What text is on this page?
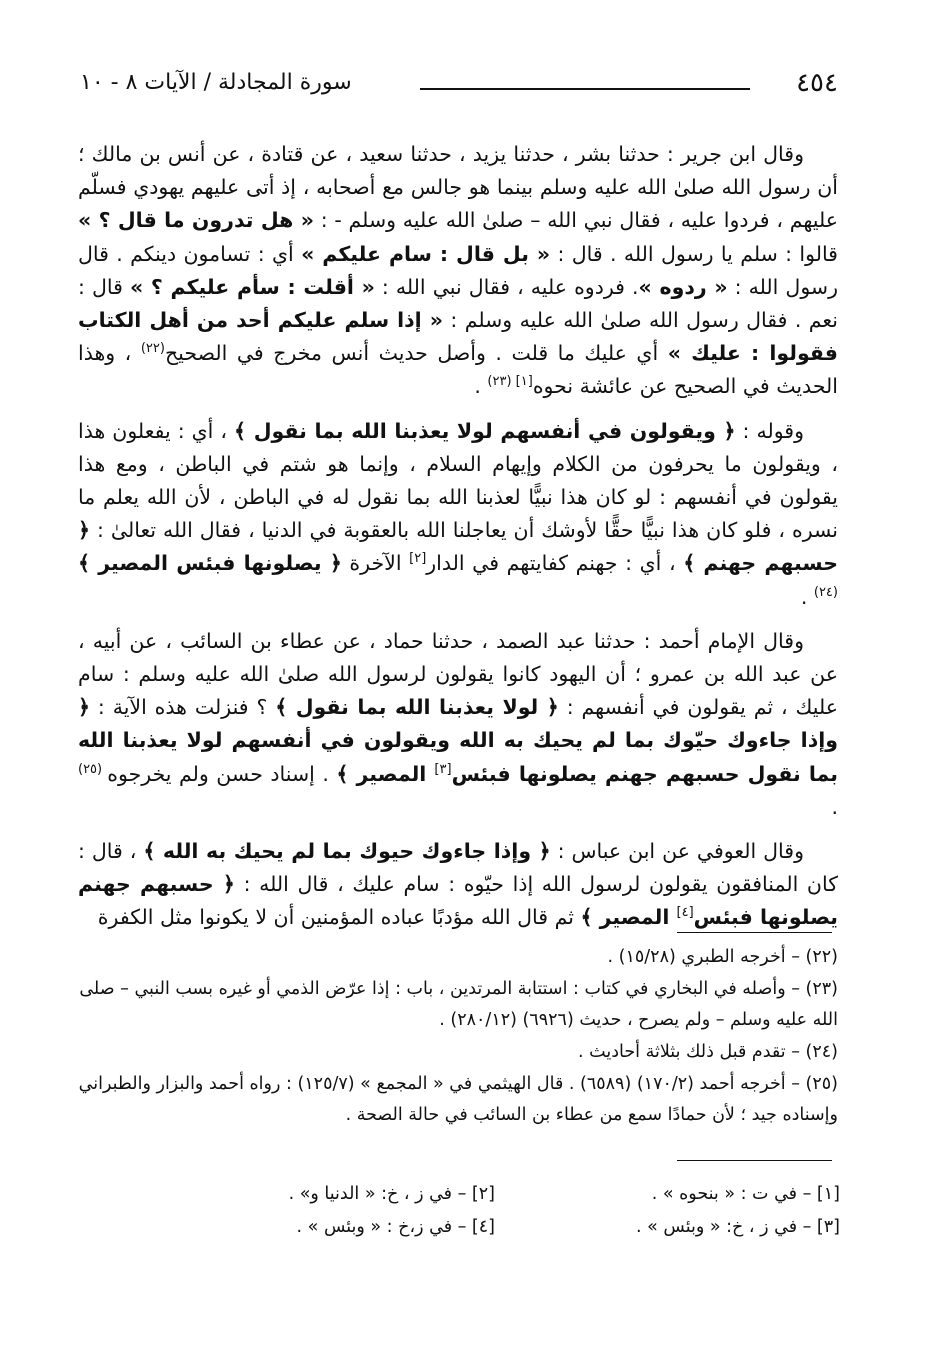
٤٥٤
سورة المجادلة / الآيات ٨ - ١٠

وقال ابن جرير : حدثنا بشر ، حدثنا يزيد ، حدثنا سعيد ، عن قتادة ، عن أنس بن مالك ؛ أن رسول الله صلىٰ الله عليه وسلم بينما هو جالس مع أصحابه ، إذ أتى عليهم يهودي فسلّم عليهم ، فردوا عليه ، فقال نبي الله – صلىٰ الله عليه وسلم - : « هل تدرون ما قال ؟ » قالوا : سلم يا رسول الله . قال : « بل قال : سام عليكم » أي : تسامون دينكم . قال رسول الله : « ردوه ». فردوه عليه ، فقال نبي الله : « أقلت : سأم عليكم ؟ » قال : نعم . فقال رسول الله صلىٰ الله عليه وسلم : « إذا سلم عليكم أحد من أهل الكتاب فقولوا : عليك » أي عليك ما قلت . وأصل حديث أنس مخرج في الصحيح$^{(٢٢)}$ ، وهذا الحديث في الصحيح عن عائشة نحوه[١] $^{(٢٣)}$ .

وقوله : ﴿ ويقولون في أنفسهم لولا يعذبنا الله بما نقول ﴾ ، أي : يفعلون هذا ، ويقولون ما يحرفون من الكلام وإيهام السلام ، وإنما هو شتم في الباطن ، ومع هذا يقولون في أنفسهم : لو كان هذا نبيًّا لعذبنا الله بما نقول له في الباطن ، لأن الله يعلم ما نسره ، فلو كان هذا نبيًّا حقًّا لأوشك أن يعاجلنا الله بالعقوبة في الدنيا ، فقال الله تعالىٰ : ﴿ حسبهم جهنم ﴾ ، أي : جهنم كفايتهم في الدار[٢] الآخرة ﴿ يصلونها فبئس المصير ﴾ $^{(٢٤)}$ .

وقال الإمام أحمد : حدثنا عبد الصمد ، حدثنا حماد ، عن عطاء بن السائب ، عن أبيه ، عن عبد الله بن عمرو ؛ أن اليهود كانوا يقولون لرسول الله صلىٰ الله عليه وسلم : سام عليك ، ثم يقولون في أنفسهم : ﴿ لولا يعذبنا الله بما نقول ﴾ ؟ فنزلت هذه الآية : ﴿ وإذا جاءوك حيّوك بما لم يحيك به الله ويقولون في أنفسهم لولا يعذبنا الله بما نقول حسبهم جهنم يصلونها فبئس[٣] المصير ﴾ . إسناد حسن ولم يخرجوه $^{(٢٥)}$ .

وقال العوفي عن ابن عباس : ﴿ وإذا جاءوك حيوك بما لم يحيك به الله ﴾ ، قال : كان المنافقون يقولون لرسول الله إذا حيّوه : سام عليك ، قال الله : ﴿ حسبهم جهنم يصلونها فبئس[٤] المصير ﴾ ثم قال الله مؤدبًا عباده المؤمنين أن لا يكونوا مثل الكفرة

(٢٢) – أخرجه الطبري (١٥/٢٨) .
(٢٣) – وأصله في البخاري في كتاب : استتابة المرتدين ، باب : إذا عرّض الذمي أو غيره بسب النبي – صلى الله عليه وسلم – ولم يصرح ، حديث (٦٩٢٦) (٢٨٠/١٢) .
(٢٤) – تقدم قبل ذلك بثلاثة أحاديث .
(٢٥) – أخرجه أحمد (١٧٠/٢) (٦٥٨٩) . قال الهيثمي في « المجمع » (١٢٥/٧) : رواه أحمد والبزار والطبراني وإسناده جيد ؛ لأن حمادًا سمع من عطاء بن السائب في حالة الصحة .
[١] – في ت : « بنحوه » .
[٢] – في ز ، خ: « الدنيا و» .
[٣] – في ز ، خ: « وبئس » .
[٤] – في ز،خ : « وبئس » .
